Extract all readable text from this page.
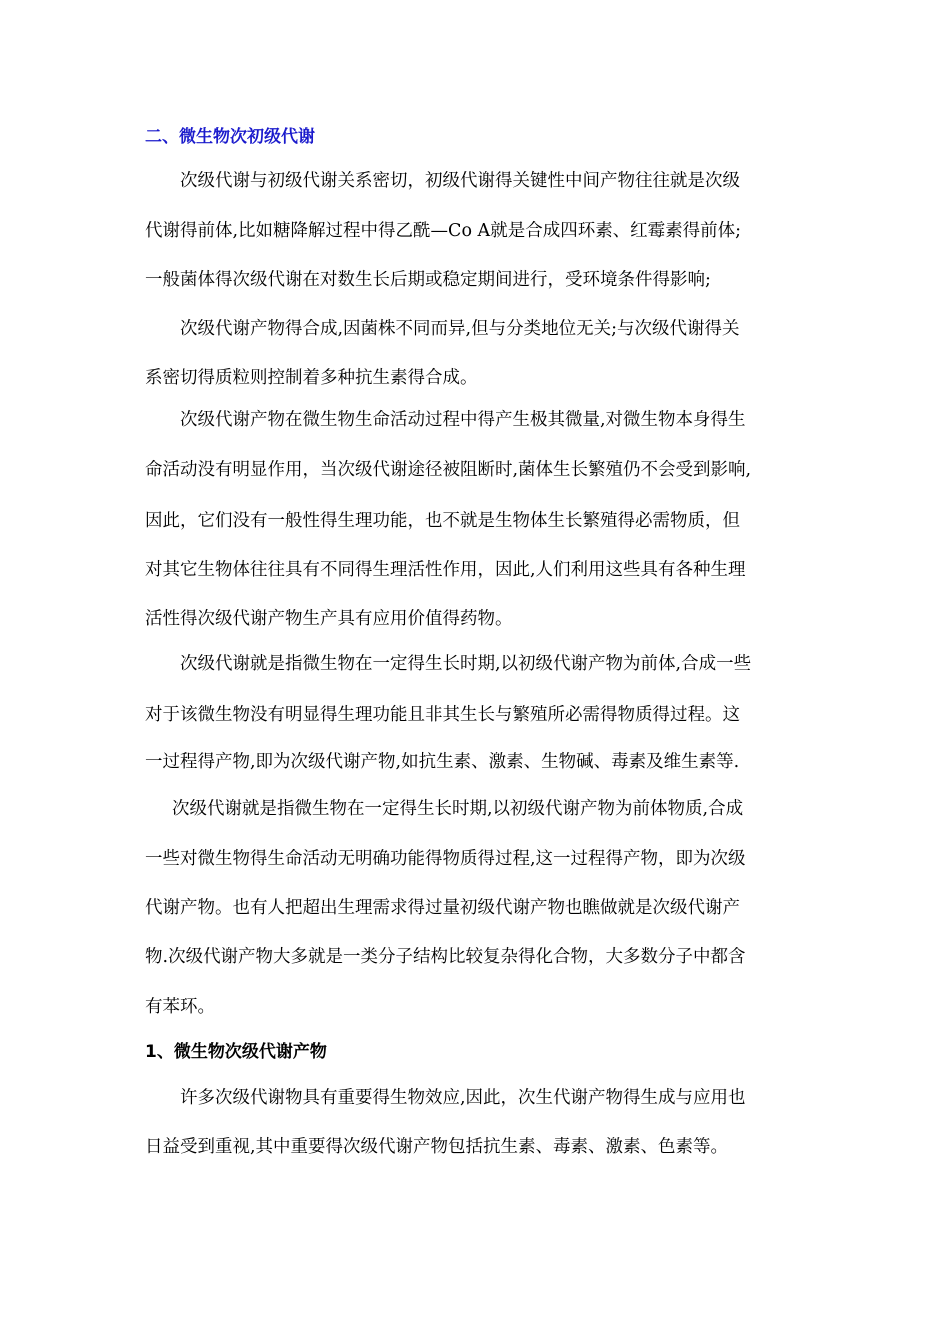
二、微生物次初级代谢

次级代谢与初级代谢关系密切，初级代谢得关键性中间产物往往就是次级

代谢得前体,比如糖降解过程中得乙酰—Co A就是合成四环素、红霉素得前体;

一般菌体得次级代谢在对数生长后期或稳定期间进行，受环境条件得影响;

次级代谢产物得合成,因菌株不同而异,但与分类地位无关;与次级代谢得关

系密切得质粒则控制着多种抗生素得合成。

次级代谢产物在微生物生命活动过程中得产生极其微量,对微生物本身得生

命活动没有明显作用，当次级代谢途径被阻断时,菌体生长繁殖仍不会受到影响,

因此，它们没有一般性得生理功能，也不就是生物体生长繁殖得必需物质，但

对其它生物体往往具有不同得生理活性作用，因此,人们利用这些具有各种生理

活性得次级代谢产物生产具有应用价值得药物。

次级代谢就是指微生物在一定得生长时期,以初级代谢产物为前体,合成一些

对于该微生物没有明显得生理功能且非其生长与繁殖所必需得物质得过程。这

一过程得产物,即为次级代谢产物,如抗生素、激素、生物碱、毒素及维生素等.

次级代谢就是指微生物在一定得生长时期,以初级代谢产物为前体物质,合成

一些对微生物得生命活动无明确功能得物质得过程,这一过程得产物，即为次级

代谢产物。也有人把超出生理需求得过量初级代谢产物也瞧做就是次级代谢产

物.次级代谢产物大多就是一类分子结构比较复杂得化合物，大多数分子中都含

有苯环。

1、微生物次级代谢产物

许多次级代谢物具有重要得生物效应,因此，次生代谢产物得生成与应用也

日益受到重视,其中重要得次级代谢产物包括抗生素、毒素、激素、色素等。
